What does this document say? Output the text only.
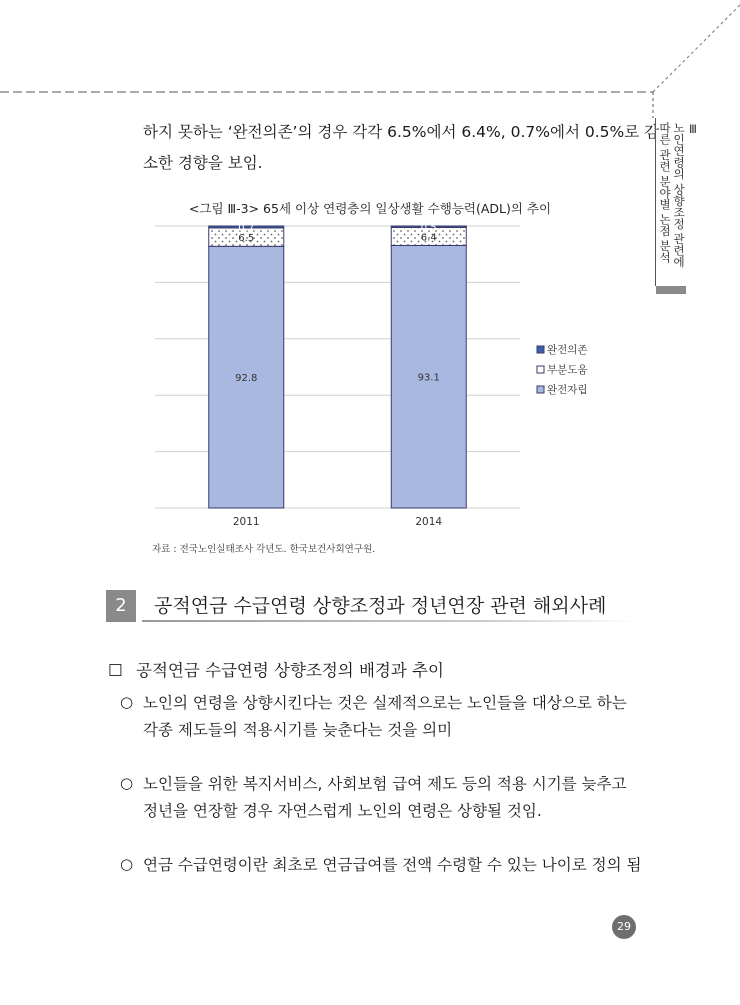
하지 못하는 ‘완전의존’의 경우 각각 6.5%에서 6.4%, 0.7%에서 0.5%로 감
소한 경향을 보임.
Ⅲ
노인연령의 상향조정 관련에
따른 관련 분야별 논점 분석
<그림 Ⅲ-3> 65세 이상 연령층의 일상생활 수행능력(ADL)의 추이
92.8
6.5
0.7
93.1
6.4
0.5
2011	2014
완전의존
부분도움
완전자립
자료 : 전국노인실태조사 각년도. 한국보건사회연구원.
2	공적연금 수급연령 상향조정과 정년연장 관련 해외사례
☐ 공적연금 수급연령 상향조정의 배경과 추이
○ 노인의 연령을 상향시킨다는 것은 실제적으로는 노인들을 대상으로 하는
각종 제도들의 적용시기를 늦춘다는 것을 의미
○ 노인들을 위한 복지서비스, 사회보험 급여 제도 등의 적용 시기를 늦추고
정년을 연장할 경우 자연스럽게 노인의 연령은 상향될 것임.
○ 연금 수급연령이란 최초로 연금급여를 전액 수령할 수 있는 나이로 정의 됨
29
